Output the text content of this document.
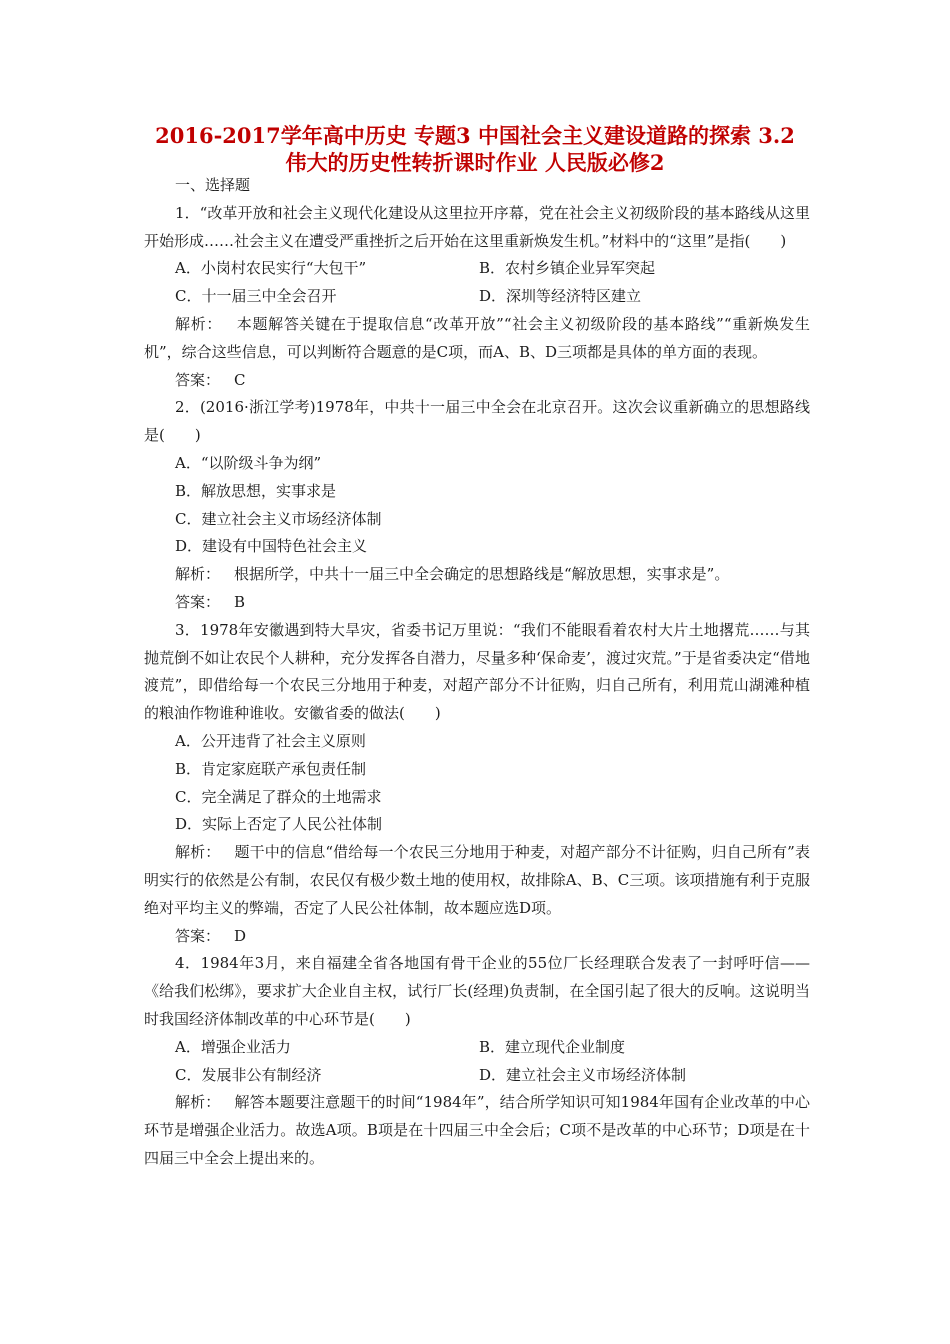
2016-2017学年高中历史 专题3 中国社会主义建设道路的探索 3.2
伟大的历史性转折课时作业 人民版必修2

一、选择题

1．“改革开放和社会主义现代化建设从这里拉开序幕，党在社会主义初级阶段的基本路线从这里开始形成……社会主义在遭受严重挫折之后开始在这里重新焕发生机。”材料中的“这里”是指(　　)

A．小岗村农民实行“大包干”	B．农村乡镇企业异军突起
C．十一届三中全会召开	D．深圳等经济特区建立

解析： 本题解答关键在于提取信息“改革开放”“社会主义初级阶段的基本路线”“重新焕发生机”，综合这些信息，可以判断符合题意的是C项，而A、B、D三项都是具体的单方面的表现。

答案： C

2．(2016·浙江学考)1978年，中共十一届三中全会在北京召开。这次会议重新确立的思想路线是(　　)

A．“以阶级斗争为纲”
B．解放思想，实事求是
C．建立社会主义市场经济体制
D．建设有中国特色社会主义

解析： 根据所学，中共十一届三中全会确定的思想路线是“解放思想，实事求是”。

答案： B

3．1978年安徽遇到特大旱灾，省委书记万里说：“我们不能眼看着农村大片土地撂荒……与其抛荒倒不如让农民个人耕种，充分发挥各自潜力，尽量多种‘保命麦’，渡过灾荒。”于是省委决定“借地渡荒”，即借给每一个农民三分地用于种麦，对超产部分不计征购，归自己所有，利用荒山湖滩种植的粮油作物谁种谁收。安徽省委的做法(　　)

A．公开违背了社会主义原则
B．肯定家庭联产承包责任制
C．完全满足了群众的土地需求
D．实际上否定了人民公社体制

解析： 题干中的信息“借给每一个农民三分地用于种麦，对超产部分不计征购，归自己所有”表明实行的依然是公有制，农民仅有极少数土地的使用权，故排除A、B、C三项。该项措施有利于克服绝对平均主义的弊端，否定了人民公社体制，故本题应选D项。

答案： D

4．1984年3月，来自福建全省各地国有骨干企业的55位厂长经理联合发表了一封呼吁信——《给我们松绑》，要求扩大企业自主权，试行厂长(经理)负责制，在全国引起了很大的反响。这说明当时我国经济体制改革的中心环节是(　　)

A．增强企业活力	B．建立现代企业制度
C．发展非公有制经济	D．建立社会主义市场经济体制

解析： 解答本题要注意题干的时间“1984年”，结合所学知识可知1984年国有企业改革的中心环节是增强企业活力。故选A项。B项是在十四届三中全会后；C项不是改革的中心环节；D项是在十四届三中全会上提出来的。
